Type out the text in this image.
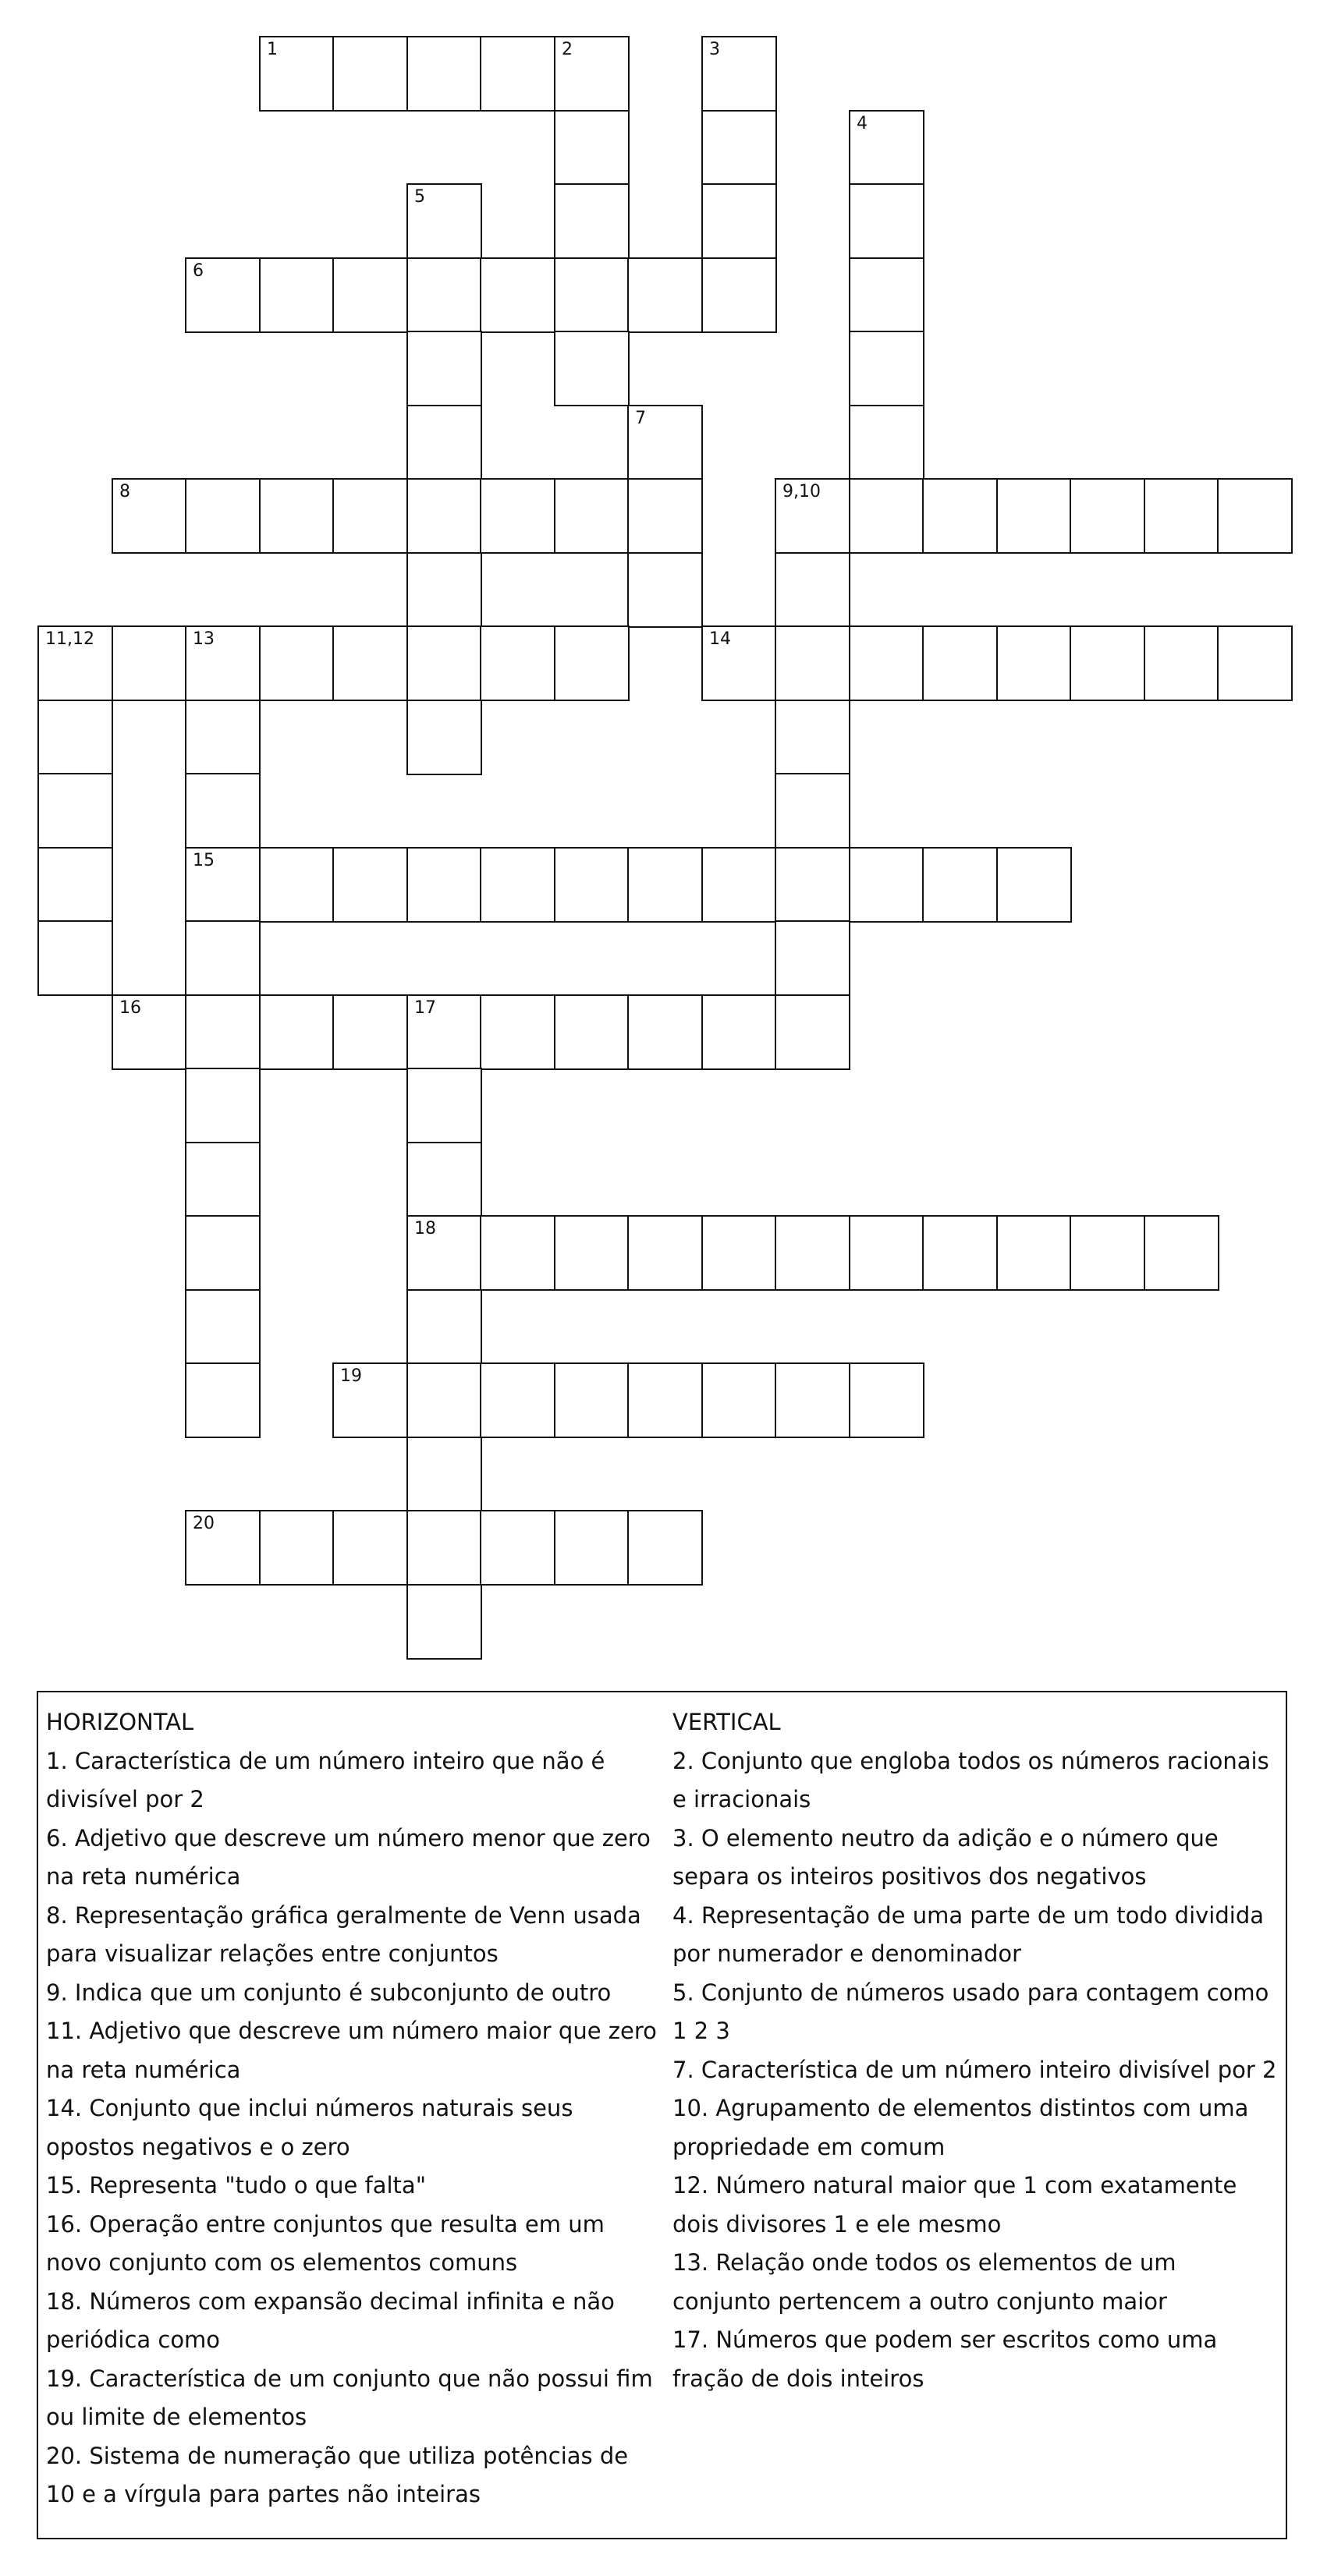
1	2	3
4
5
6
7
8	9,10
11,12	13	14
15
16	17
18
19
20

HORIZONTAL

1. Característica de um número inteiro que não é divisível por 2

6. Adjetivo que descreve um número menor que zero na reta numérica

8. Representação gráfica geralmente de Venn usada para visualizar relações entre conjuntos

9. Indica que um conjunto é subconjunto de outro

11. Adjetivo que descreve um número maior que zero na reta numérica

14. Conjunto que inclui números naturais seus opostos negativos e o zero

15. Representa "tudo o que falta"

16. Operação entre conjuntos que resulta em um novo conjunto com os elementos comuns

18. Números com expansão decimal infinita e não periódica como

19. Característica de um conjunto que não possui fim ou limite de elementos

20. Sistema de numeração que utiliza potências de 10 e a vírgula para partes não inteiras

VERTICAL

2. Conjunto que engloba todos os números racionais e irracionais

3. O elemento neutro da adição e o número que separa os inteiros positivos dos negativos

4. Representação de uma parte de um todo dividida por numerador e denominador

5. Conjunto de números usado para contagem como 1 2 3

7. Característica de um número inteiro divisível por 2

10. Agrupamento de elementos distintos com uma propriedade em comum

12. Número natural maior que 1 com exatamente dois divisores 1 e ele mesmo

13. Relação onde todos os elementos de um conjunto pertencem a outro conjunto maior

17. Números que podem ser escritos como uma fração de dois inteiros
